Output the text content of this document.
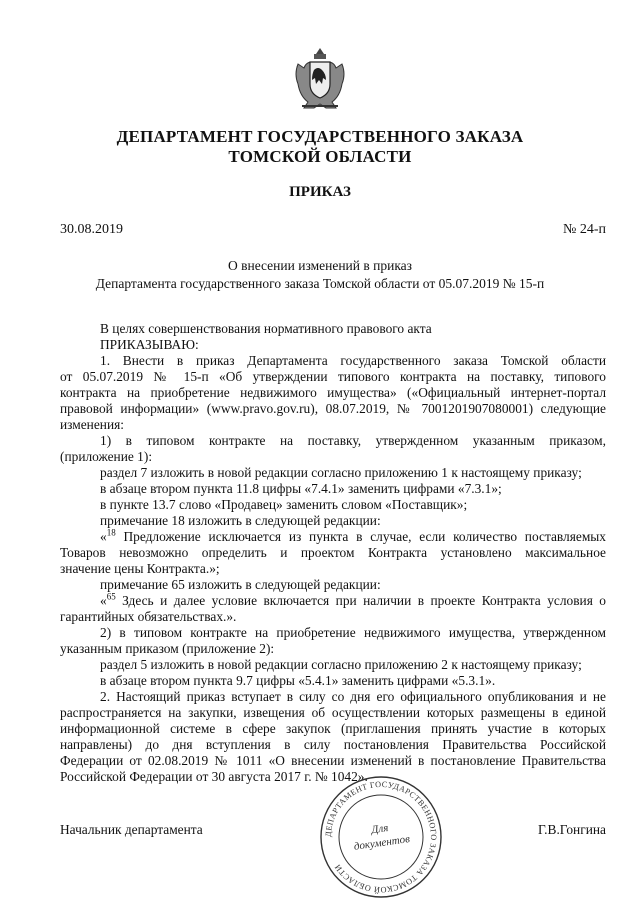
ДЕПАРТАМЕНТ ГОСУДАРСТВЕННОГО ЗАКАЗА
ТОМСКОЙ ОБЛАСТИ
ПРИКАЗ
30.08.2019	№ 24-п
О внесении изменений в приказ
Департамента государственного заказа Томской области от 05.07.2019 № 15-п
В целях совершенствования нормативного правового акта
ПРИКАЗЫВАЮ:
1. Внести в приказ Департамента государственного заказа Томской области
от 05.07.2019 № 15-п «Об утверждении типового контракта на поставку, типового
контракта на приобретение недвижимого имущества» («Официальный интернет-портал
правовой информации» (www.pravo.gov.ru), 08.07.2019, № 7001201907080001) следующие
изменения:
1) в типовом контракте на поставку, утвержденном указанным приказом,
(приложение 1):
раздел 7 изложить в новой редакции согласно приложению 1 к настоящему приказу;
в абзаце втором пункта 11.8 цифры «7.4.1» заменить цифрами «7.3.1»;
в пункте 13.7 слово «Продавец» заменить словом «Поставщик»;
примечание 18 изложить в следующей редакции:
«$^{18}$ Предложение исключается из пункта в случае, если количество поставляемых
Товаров невозможно определить и проектом Контракта установлено максимальное
значение цены Контракта.»;
примечание 65 изложить в следующей редакции:
«$^{65}$ Здесь и далее условие включается при наличии в проекте Контракта условия о
гарантийных обязательствах.».
2) в типовом контракте на приобретение недвижимого имущества, утвержденном
указанным приказом (приложение 2):
раздел 5 изложить в новой редакции согласно приложению 2 к настоящему приказу;
в абзаце втором пункта 9.7 цифры «5.4.1» заменить цифрами «5.3.1».
2. Настоящий приказ вступает в силу со дня его официального опубликования и не
распространяется на закупки, извещения об осуществлении которых размещены в единой
информационной системе в сфере закупок (приглашения принять участие в которых
направлены) до дня вступления в силу постановления Правительства Российской
Федерации от 02.08.2019 № 1011 «О внесении изменений в постановление Правительства
Российской Федерации от 30 августа 2017 г. № 1042».
ДЕПАРТАМЕНТ ГОСУДАРСТВЕННОГО ЗАКАЗА ТОМСКОЙ ОБЛАСТИ
Для
документов
Начальник департамента	Г.В.Гонгина
